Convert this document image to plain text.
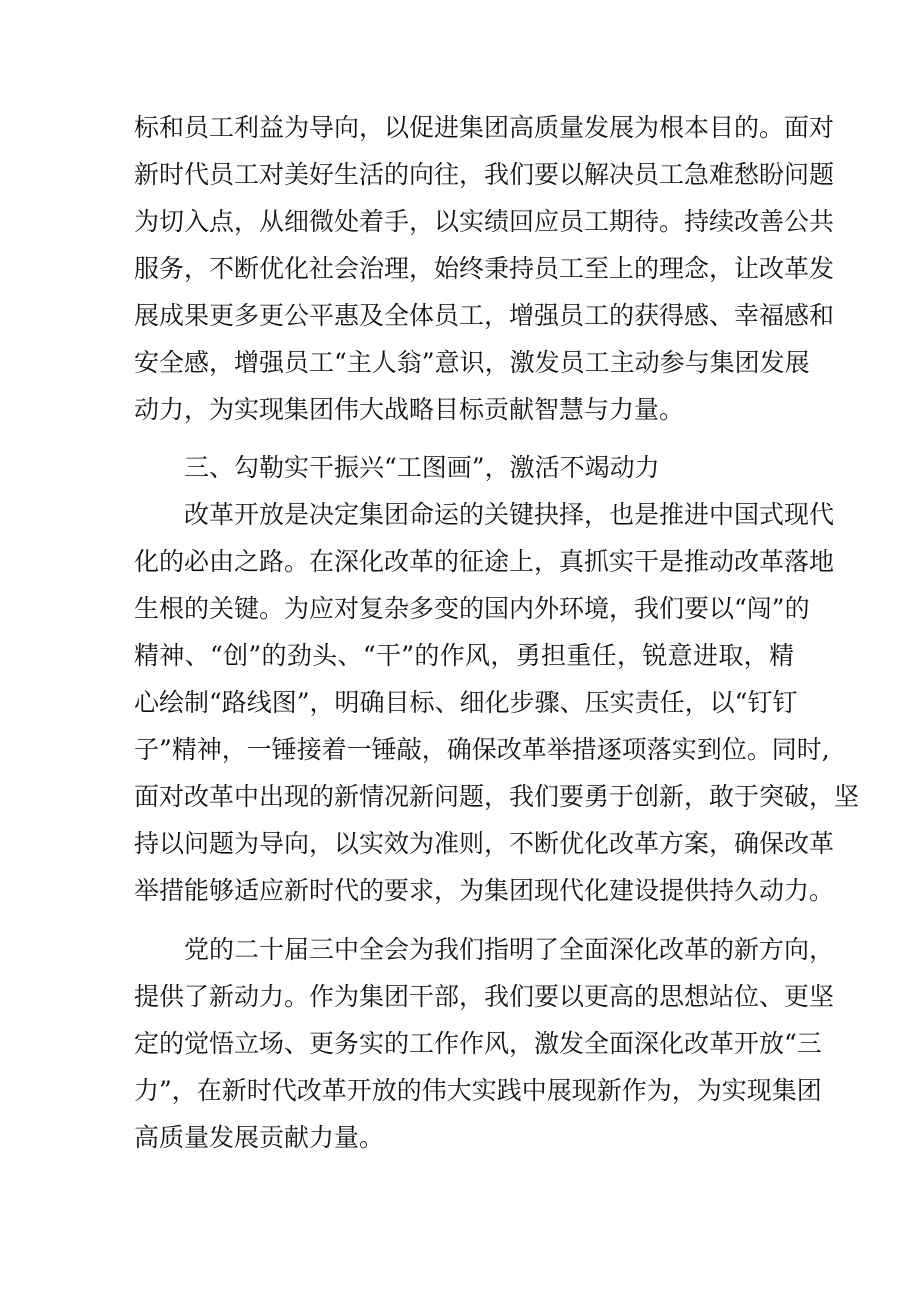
标和员工利益为导向，以促进集团高质量发展为根本目的。面对
新时代员工对美好生活的向往，我们要以解决员工急难愁盼问题
为切入点，从细微处着手，以实绩回应员工期待。持续改善公共
服务，不断优化社会治理，始终秉持员工至上的理念，让改革发
展成果更多更公平惠及全体员工，增强员工的获得感、幸福感和
安全感，增强员工“主人翁”意识，激发员工主动参与集团发展
动力，为实现集团伟大战略目标贡献智慧与力量。
三、勾勒实干振兴“工图画”，激活不竭动力
改革开放是决定集团命运的关键抉择，也是推进中国式现代
化的必由之路。在深化改革的征途上，真抓实干是推动改革落地
生根的关键。为应对复杂多变的国内外环境，我们要以“闯”的
精神、“创”的劲头、“干”的作风，勇担重任，锐意进取，精
心绘制“路线图”，明确目标、细化步骤、压实责任，以“钉钉
子”精神，一锤接着一锤敲，确保改革举措逐项落实到位。同时,
面对改革中出现的新情况新问题，我们要勇于创新，敢于突破，坚
持以问题为导向，以实效为准则，不断优化改革方案，确保改革
举措能够适应新时代的要求，为集团现代化建设提供持久动力。
党的二十届三中全会为我们指明了全面深化改革的新方向，
提供了新动力。作为集团干部，我们要以更高的思想站位、更坚
定的觉悟立场、更务实的工作作风，激发全面深化改革开放“三
力”，在新时代改革开放的伟大实践中展现新作为，为实现集团
高质量发展贡献力量。
